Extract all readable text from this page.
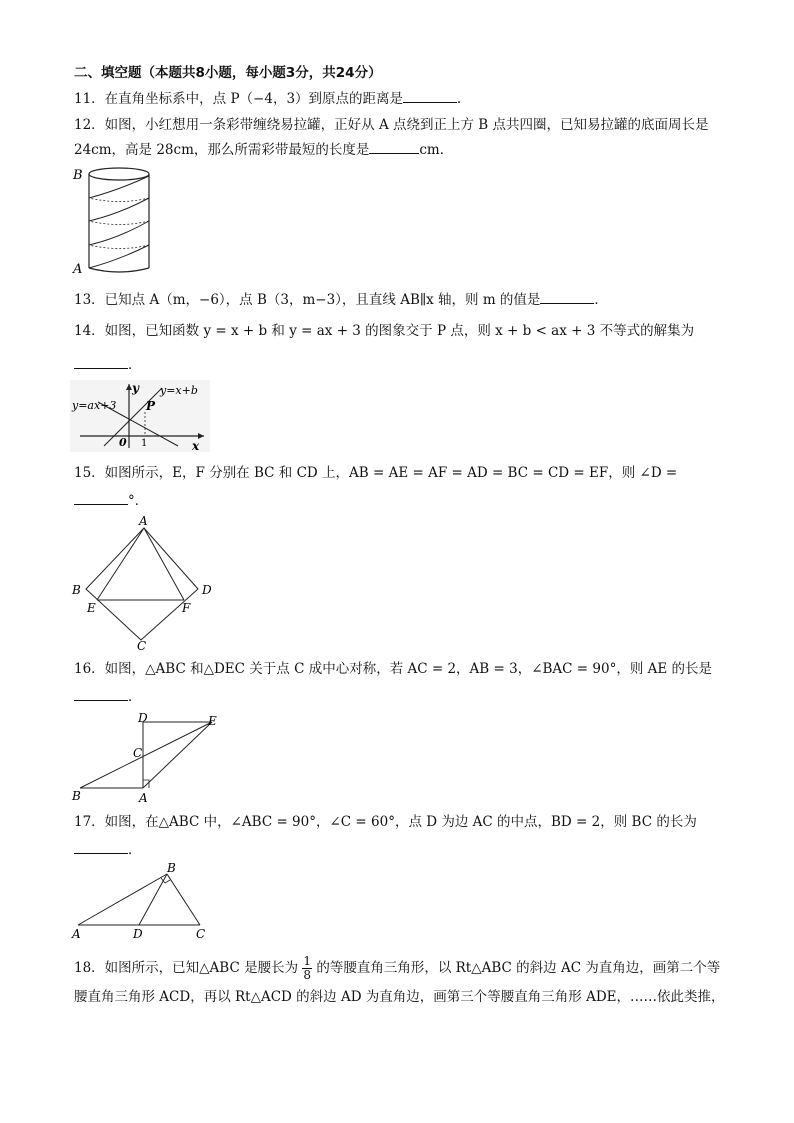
二、填空题（本题共8小题，每小题3分，共24分）
11．在直角坐标系中，点 P（−4，3）到原点的距离是	．
12．如图，小红想用一条彩带缠绕易拉罐，正好从 A 点绕到正上方 B 点共四圈，已知易拉罐的底面周长是
24cm，高是 28cm，那么所需彩带最短的长度是	cm．
B
A
13．已知点 A（m，−6），点 B（3，m−3），且直线 AB∥x 轴，则 m 的值是	．
14．如图，已知函数 y = x + b 和 y = ax + 3 的图象交于 P 点，则 x + b < ax + 3 不等式的解集为
．
y=ax+3
y=x+b
y
x
P
0 1
15．如图所示，E，F 分别在 BC 和 CD 上，AB = AE = AF = AD = BC = CD = EF，则 ∠D =
°．
A
B
C
D
E	F
16．如图，△ABC 和△DEC 关于点 C 成中心对称，若 AC = 2，AB = 3，∠BAC = 90°，则 AE 的长是
．
A
B
C
D	E
17．如图，在△ABC 中，∠ABC = 90°，∠C = 60°，点 D 为边 AC 的中点，BD = 2，则 BC 的长为
．
A
B
C
D
18．如图所示，已知△ABC 是腰长为 $\frac{1}{8}$ 的等腰直角三角形，以 Rt△ABC 的斜边 AC 为直角边，画第二个等
腰直角三角形 ACD，再以 Rt△ACD 的斜边 AD 为直角边，画第三个等腰直角三角形 ADE，……依此类推，
